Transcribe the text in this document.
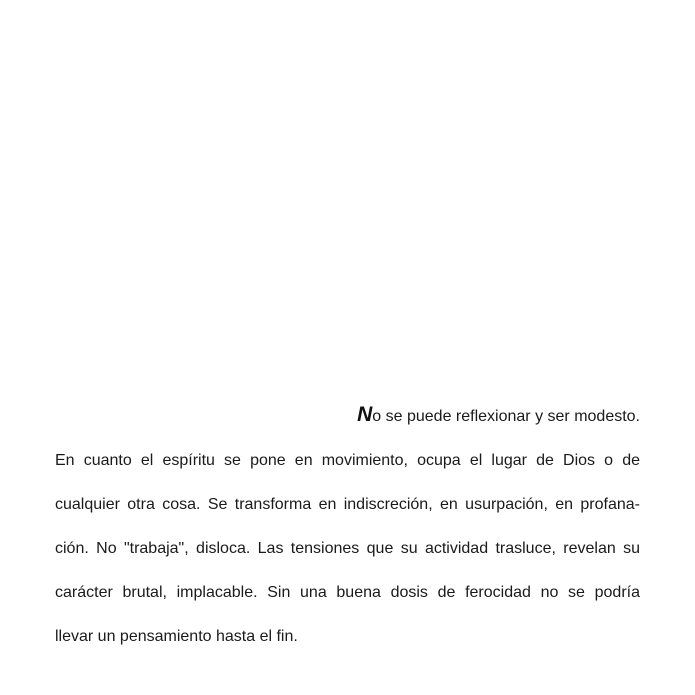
No se puede reflexionar y ser modesto.
En cuanto el espíritu se pone en movimiento, ocupa el lugar de Dios o de
cualquier otra cosa. Se transforma en indiscreción, en usurpación, en profana-
ción. No "trabaja", disloca. Las tensiones que su actividad trasluce, revelan su
carácter brutal, implacable. Sin una buena dosis de ferocidad no se podría
llevar un pensamiento hasta el fin.
